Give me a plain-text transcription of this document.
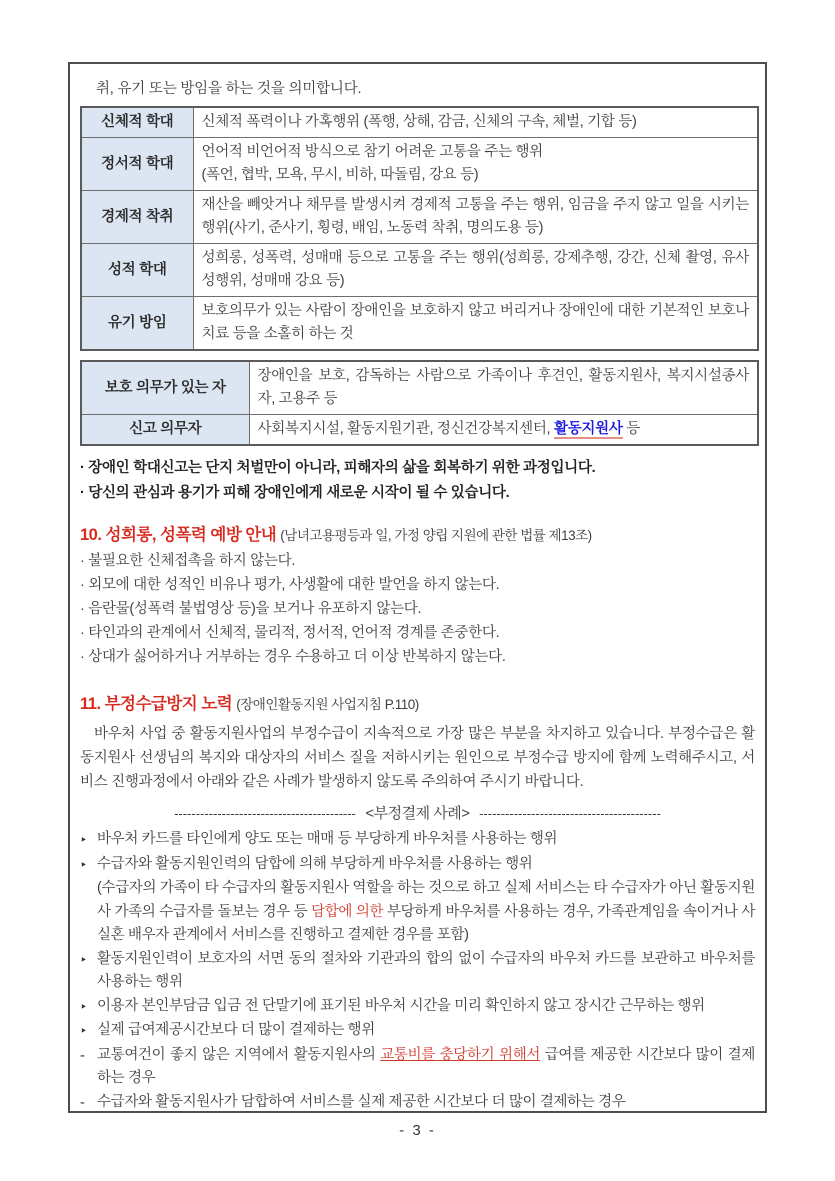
취, 유기 또는 방임을 하는 것을 의미합니다.
신체적 학대	신체적 폭력이나 가혹행위 (폭행, 상해, 감금, 신체의 구속, 체벌, 기합 등)
정서적 학대	언어적 비언어적 방식으로 참기 어려운 고통을 주는 행위
(폭언, 협박, 모욕, 무시, 비하, 따돌림, 강요 등)

경제적 착취	재산을 빼앗거나 채무를 발생시켜 경제적 고통을 주는 행위, 임금을 주지 않고 일을 시키는 행위(사기, 준사기, 횡령, 배임, 노동력 착취, 명의도용 등)
성적 학대	성희롱, 성폭력, 성매매 등으로 고통을 주는 행위(성희롱, 강제추행, 강간, 신체 촬영, 유사성행위, 성매매 강요 등)
유기 방임	보호의무가 있는 사람이 장애인을 보호하지 않고 버리거나 장애인에 대한 기본적인 보호나 치료 등을 소홀히 하는 것
보호 의무가 있는 자	장애인을 보호, 감독하는 사람으로 가족이나 후견인, 활동지원사, 복지시설종사자, 고용주 등
신고 의무자	사회복지시설, 활동지원기관, 정신건강복지센터, 활동지원사 등
· 장애인 학대신고는 단지 처벌만이 아니라, 피해자의 삶을 회복하기 위한 과정입니다.
· 당신의 관심과 용기가 피해 장애인에게 새로운 시작이 될 수 있습니다.
10. 성희롱, 성폭력 예방 안내 (남녀고용평등과 일, 가정 양립 지원에 관한 법률 제13조)
· 불필요한 신체접촉을 하지 않는다.
· 외모에 대한 성적인 비유나 평가, 사생활에 대한 발언을 하지 않는다.
· 음란물(성폭력 불법영상 등)을 보거나 유포하지 않는다.
· 타인과의 관계에서 신체적, 물리적, 정서적, 언어적 경계를 존중한다.
· 상대가 싫어하거나 거부하는 경우 수용하고 더 이상 반복하지 않는다.
11. 부정수급방지 노력 (장애인활동지원 사업지침 P.110)
바우처 사업 중 활동지원사업의 부정수급이 지속적으로 가장 많은 부분을 차지하고 있습니다. 부정수급은 활동지원사 선생님의 복지와 대상자의 서비스 질을 저하시키는 원인으로 부정수급 방지에 함께 노력해주시고, 서비스 진행과정에서 아래와 같은 사례가 발생하지 않도록 주의하여 주시기 바랍니다.
------------------------------------------ <부정결제 사례> ------------------------------------------
‣ 바우처 카드를 타인에게 양도 또는 매매 등 부당하게 바우처를 사용하는 행위
‣ 수급자와 활동지원인력의 담합에 의해 부당하게 바우처를 사용하는 행위
(수급자의 가족이 타 수급자의 활동지원사 역할을 하는 것으로 하고 실제 서비스는 타 수급자가 아닌 활동지원사 가족의 수급자를 돌보는 경우 등 담합에 의한 부당하게 바우처를 사용하는 경우, 가족관계임을 속이거나 사실혼 배우자 관계에서 서비스를 진행하고 결제한 경우를 포함)
‣ 활동지원인력이 보호자의 서면 동의 절차와 기관과의 합의 없이 수급자의 바우처 카드를 보관하고 바우처를 사용하는 행위
‣ 이용자 본인부담금 입금 전 단말기에 표기된 바우처 시간을 미리 확인하지 않고 장시간 근무하는 행위
‣ 실제 급여제공시간보다 더 많이 결제하는 행위
- 교통여건이 좋지 않은 지역에서 활동지원사의 교통비를 충당하기 위해서 급여를 제공한 시간보다 많이 결제하는 경우
- 수급자와 활동지원사가 담합하여 서비스를 실제 제공한 시간보다 더 많이 결제하는 경우
- 3 -
